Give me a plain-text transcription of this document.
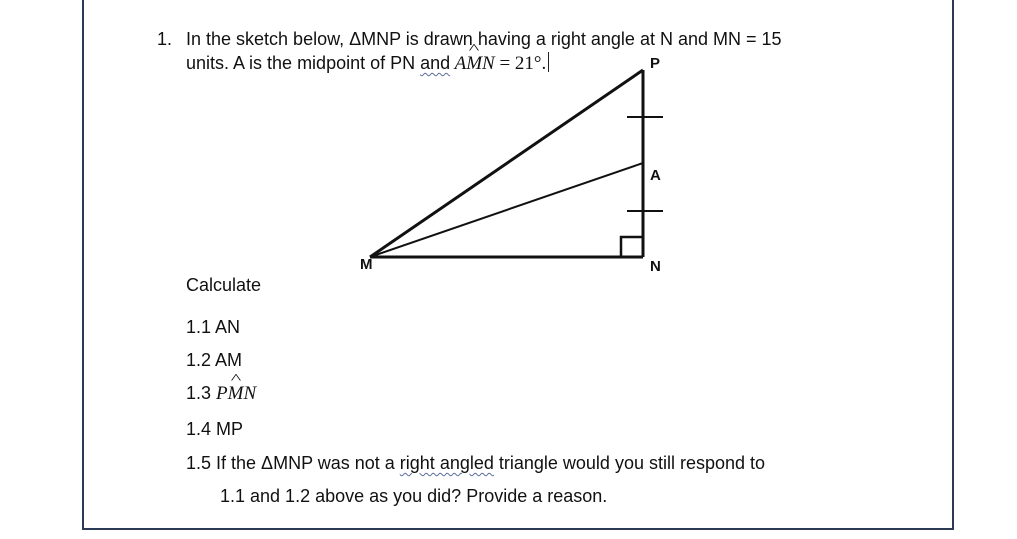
1. In the sketch below, ΔMNP is drawn having a right angle at N and MN = 15
units. A is the midpoint of PN and A^ MN = 21°.	P
A
N
M
Calculate
1.1 AN
1.2 AM
1.3 P^ MN
1.4 MP
1.5 If the ΔMNP was not a right angled triangle would you still respond to
1.1 and 1.2 above as you did? Provide a reason.
